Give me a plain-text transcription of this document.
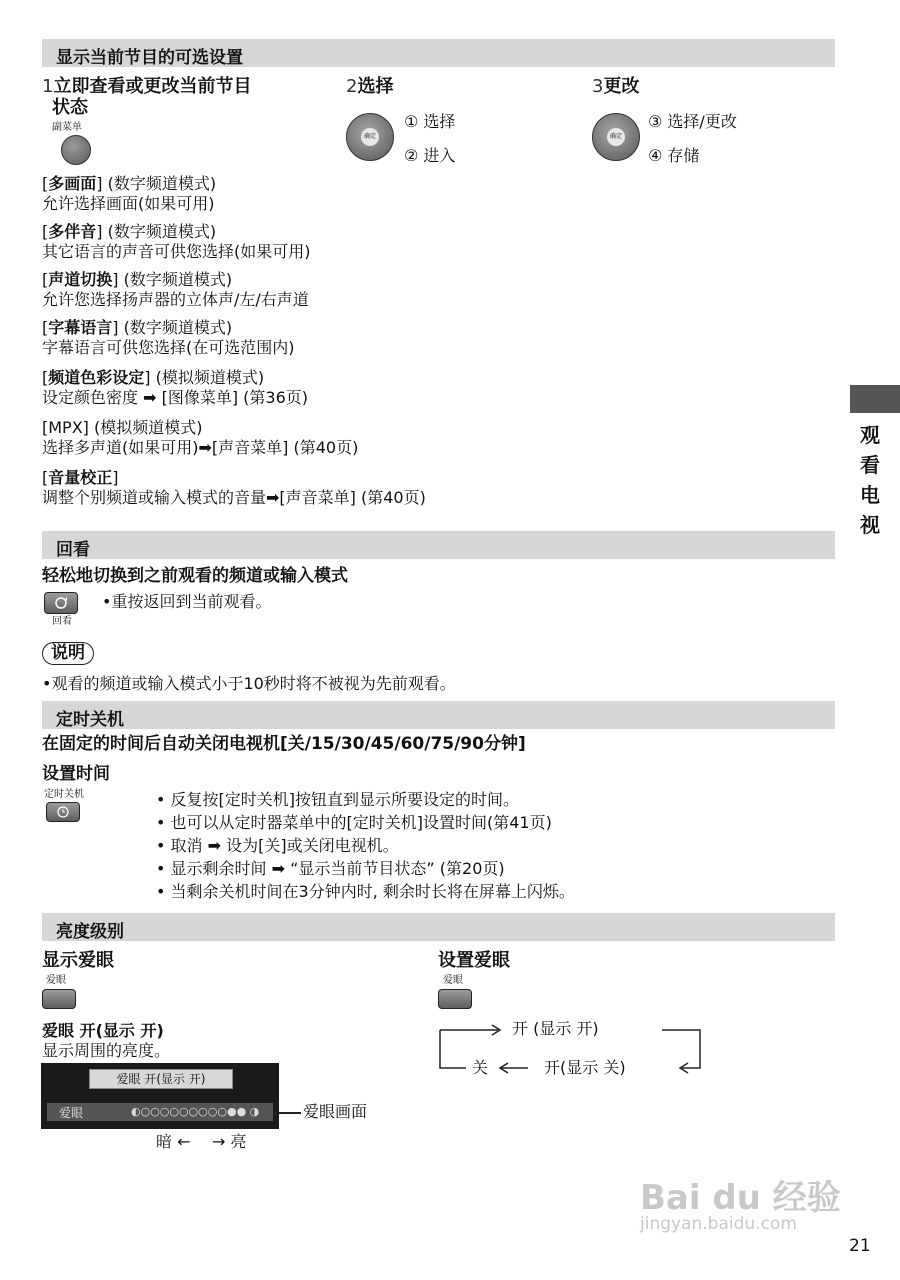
显示当前节目的可选设置
1立即查看或更改当前节目
状态
副菜单
2选择
确定
① 选择
② 进入
3更改
确定
③ 选择/更改
④ 存储
[多画面] (数字频道模式)
允许选择画面(如果可用)
[多伴音] (数字频道模式)
其它语言的声音可供您选择(如果可用)
[声道切换] (数字频道模式)
允许您选择扬声器的立体声/左/右声道
[字幕语言] (数字频道模式)
字幕语言可供您选择(在可选范围内)
[频道色彩设定] (模拟频道模式)
设定颜色密度 ➡ [图像菜单] (第36页)
[MPX] (模拟频道模式)
选择多声道(如果可用)➡[声音菜单] (第40页)
[音量校正]
调整个别频道或输入模式的音量➡[声音菜单] (第40页)
回看
轻松地切换到之前观看的频道或输入模式
回看
•重按返回到当前观看。
说明
•观看的频道或输入模式小于10秒时将不被视为先前观看。
定时关机
在固定的时间后自动关闭电视机[关/15/30/45/60/75/90分钟]
设置时间
定时关机	• 反复按[定时关机]按钮直到显示所要设定的时间。
• 也可以从定时器菜单中的[定时关机]设置时间(第41页)
• 取消 ➡ 设为[关]或关闭电视机。
• 显示剩余时间 ➡ “显示当前节目状态” (第20页)
• 当剩余关机时间在3分钟内时, 剩余时长将在屏幕上闪烁。
亮度级别
显示爱眼
爱眼
爱眼 开(显示 开)
显示周围的亮度。
爱眼 开(显示 开)
爱眼	◐○○○○○○○○○●● ◑	爱眼画面
暗 ← → 亮
设置爱眼
爱眼
开 (显示 开)
关	开(显示 关)
观看电视
Bai du 经验
jingyan.baidu.com
21
